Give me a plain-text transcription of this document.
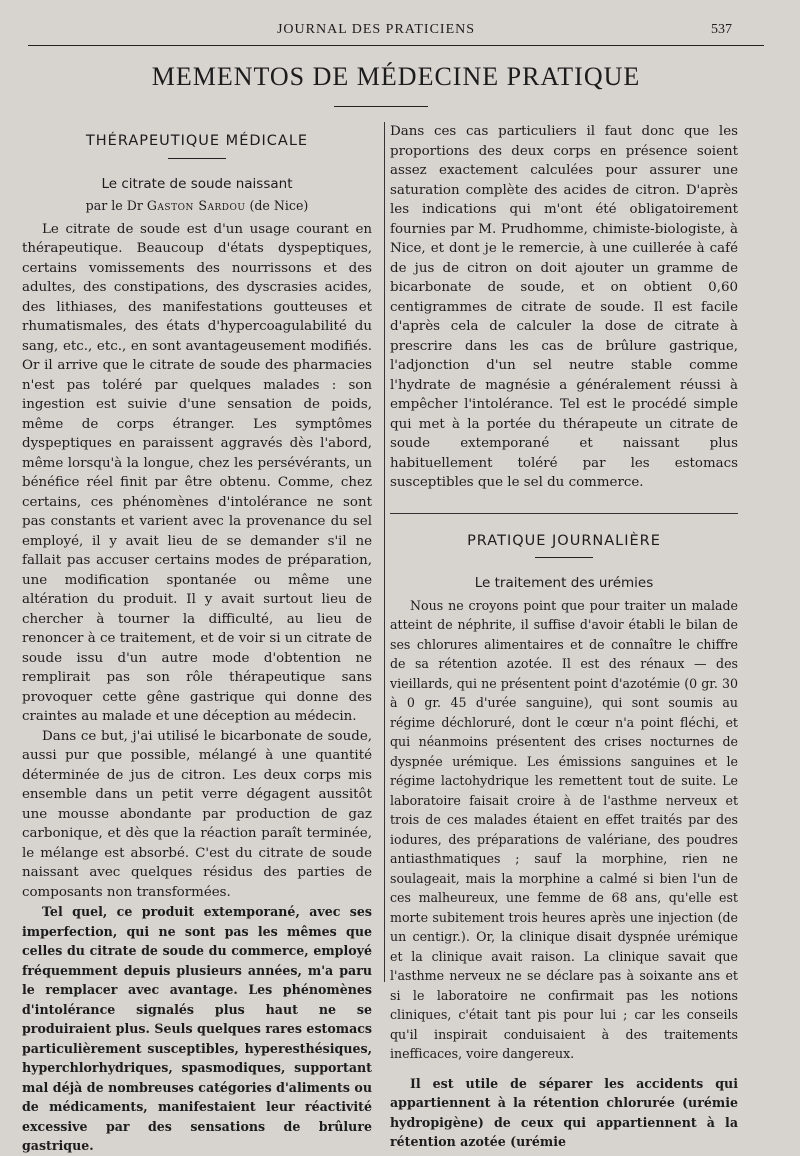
JOURNAL DES PRATICIENS	537
MEMENTOS DE MÉDECINE PRATIQUE
THÉRAPEUTIQUE MÉDICALE
Le citrate de soude naissant
par le Dr Gaston Sardou (de Nice)

Le citrate de soude est d'un usage courant en thérapeutique. Beaucoup d'états dyspeptiques, certains vomissements des nourrissons et des adultes, des constipations, des dyscrasies acides, des lithiases, des manifestations goutteuses et rhumatismales, des états d'hypercoagulabilité du sang, etc., etc., en sont avantageusement modifiés. Or il arrive que le citrate de soude des pharmacies n'est pas toléré par quelques malades : son ingestion est suivie d'une sensation de poids, même de corps étranger. Les symptômes dyspeptiques en paraissent aggravés dès l'abord, même lorsqu'à la longue, chez les persévérants, un bénéfice réel finit par être obtenu. Comme, chez certains, ces phénomènes d'intolérance ne sont pas constants et varient avec la provenance du sel employé, il y avait lieu de se demander s'il ne fallait pas accuser certains modes de préparation, une modification spontanée ou même une altération du produit. Il y avait surtout lieu de chercher à tourner la difficulté, au lieu de renoncer à ce traitement, et de voir si un citrate de soude issu d'un autre mode d'obtention ne remplirait pas son rôle thérapeutique sans provoquer cette gêne gastrique qui donne des craintes au malade et une déception au médecin.

Dans ce but, j'ai utilisé le bicarbonate de soude, aussi pur que possible, mélangé à une quantité déterminée de jus de citron. Les deux corps mis ensemble dans un petit verre dégagent aussitôt une mousse abondante par production de gaz carbonique, et dès que la réaction paraît terminée, le mélange est absorbé. C'est du citrate de soude naissant avec quelques résidus des parties de composants non transformées.

Tel quel, ce produit extemporané, avec ses imperfection, qui ne sont pas les mêmes que celles du citrate de soude du commerce, employé fréquemment depuis plusieurs années, m'a paru le remplacer avec avantage. Les phénomènes d'intolérance signalés plus haut ne se produiraient plus. Seuls quelques rares estomacs particulièrement susceptibles, hyperesthésiques, hyperchlorhydriques, spasmodiques, supportant mal déjà de nombreuses catégories d'aliments ou de médicaments, manifestaient leur réactivité excessive par des sensations de brûlure gastrique.

Dans ces cas particuliers il faut donc que les proportions des deux corps en présence soient assez exactement calculées pour assurer une saturation complète des acides de citron. D'après les indications qui m'ont été obligatoirement fournies par M. Prudhomme, chimiste-biologiste, à Nice, et dont je le remercie, à une cuillerée à café de jus de citron on doit ajouter un gramme de bicarbonate de soude, et on obtient 0,60 centigrammes de citrate de soude. Il est facile d'après cela de calculer la dose de citrate à prescrire dans les cas de brûlure gastrique, l'adjonction d'un sel neutre stable comme l'hydrate de magnésie a généralement réussi à empêcher l'intolérance. Tel est le procédé simple qui met à la portée du thérapeute un citrate de soude extemporané et naissant plus habituellement toléré par les estomacs susceptibles que le sel du commerce.

PRATIQUE JOURNALIÈRE
Le traitement des urémies

Nous ne croyons point que pour traiter un malade atteint de néphrite, il suffise d'avoir établi le bilan de ses chlorures alimentaires et de connaître le chiffre de sa rétention azotée. Il est des rénaux — des vieillards, qui ne présentent point d'azotémie (0 gr. 30 à 0 gr. 45 d'urée sanguine), qui sont soumis au régime déchloruré, dont le cœur n'a point fléchi, et qui néanmoins présentent des crises nocturnes de dyspnée urémique. Les émissions sanguines et le régime lactohydrique les remettent tout de suite. Le laboratoire faisait croire à de l'asthme nerveux et trois de ces malades étaient en effet traités par des iodures, des préparations de valériane, des poudres antiasthmatiques ; sauf la morphine, rien ne soulageait, mais la morphine a calmé si bien l'un de ces malheureux, une femme de 68 ans, qu'elle est morte subitement trois heures après une injection (de un centigr.). Or, la clinique disait dyspnée urémique et la clinique avait raison. La clinique savait que l'asthme nerveux ne se déclare pas à soixante ans et si le laboratoire ne confirmait pas les notions cliniques, c'était tant pis pour lui ; car les conseils qu'il inspirait conduisaient à des traitements inefficaces, voire dangereux.

Il est utile de séparer les accidents qui appartiennent à la rétention chlorurée (urémie hydropigène) de ceux qui appartiennent à la rétention azotée (urémie
